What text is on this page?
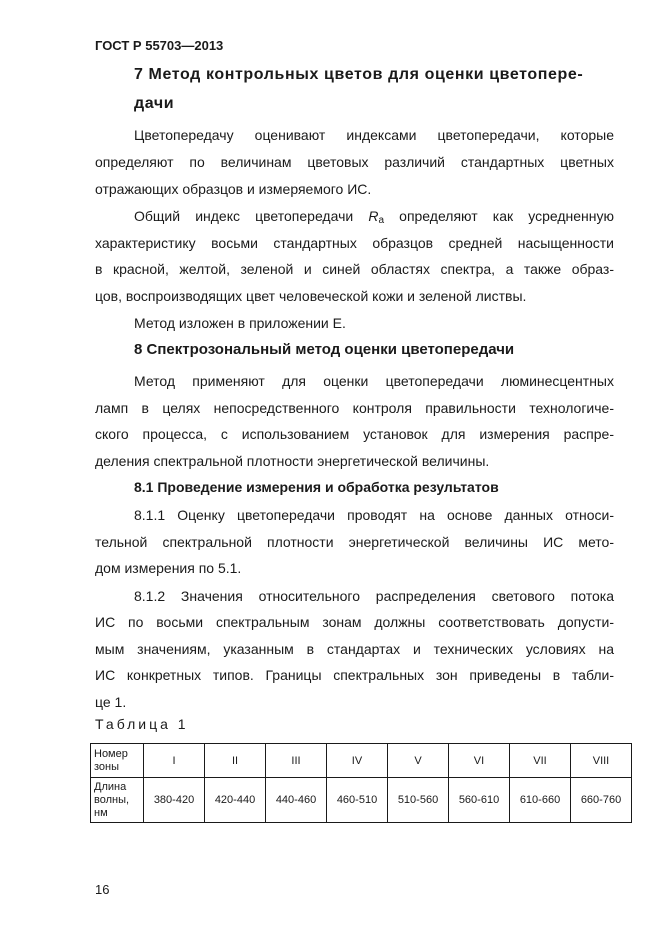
ГОСТ Р 55703—2013
7 Метод контрольных цветов для оценки цветопере-
дачи
Цветопередачу оценивают индексами цветопередачи, которые
определяют по величинам цветовых различий стандартных цветных
отражающих образцов и измеряемого ИС.
Общий индекс цветопередачи $R_a$ определяют как усредненную
характеристику восьми стандартных образцов средней насыщенности
в красной, желтой, зеленой и синей областях спектра, а также образ-
цов, воспроизводящих цвет человеческой кожи и зеленой листвы.
Метод изложен в приложении Е.
8 Спектрозональный метод оценки цветопередачи
Метод применяют для оценки цветопередачи люминесцентных
ламп в целях непосредственного контроля правильности технологиче-
ского процесса, с использованием установок для измерения распре-
деления спектральной плотности энергетической величины.
8.1 Проведение измерения и обработка результатов
8.1.1 Оценку цветопередачи проводят на основе данных относи-
тельной спектральной плотности энергетической величины ИС мето-
дом измерения по 5.1.
8.1.2 Значения относительного распределения светового потока
ИС по восьми спектральным зонам должны соответствовать допусти-
мым значениям, указанным в стандартах и технических условиях на
ИС конкретных типов. Границы спектральных зон приведены в табли-
це 1.
Таблица 1
Номер зоны	I	II	III	IV	V	VI	VII	VIII
Длина волны, нм	380-420	420-440	440-460	460-510	510-560	560-610	610-660	660-760
16
